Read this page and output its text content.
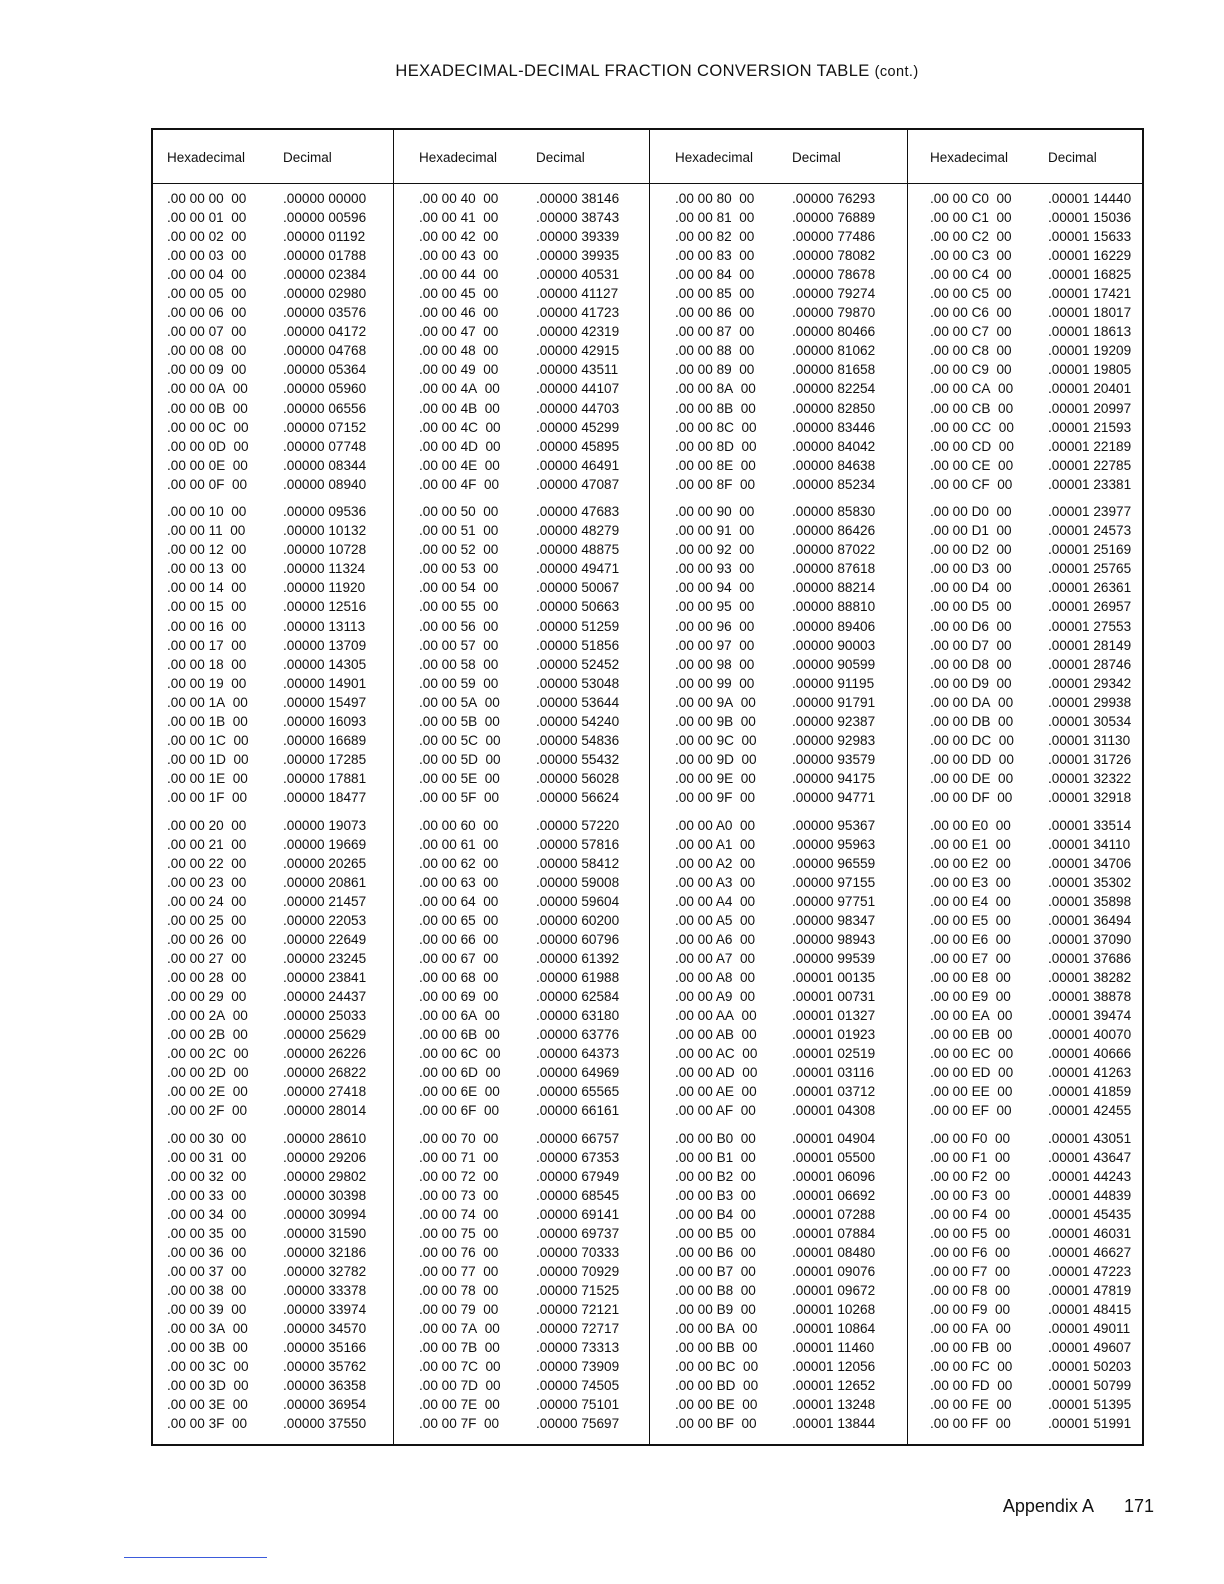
HEXADECIMAL-DECIMAL FRACTION CONVERSION TABLE (cont.)
Hexadecimal	Decimal
.00 00 00  00	.00000 00000
.00 00 01  00	.00000 00596
.00 00 02  00	.00000 01192
.00 00 03  00	.00000 01788
.00 00 04  00	.00000 02384
.00 00 05  00	.00000 02980
.00 00 06  00	.00000 03576
.00 00 07  00	.00000 04172
.00 00 08  00	.00000 04768
.00 00 09  00	.00000 05364
.00 00 0A  00	.00000 05960
.00 00 0B  00	.00000 06556
.00 00 0C  00	.00000 07152
.00 00 0D  00	.00000 07748
.00 00 0E  00	.00000 08344
.00 00 0F  00	.00000 08940
.00 00 10  00	.00000 09536
.00 00 11  00	.00000 10132
.00 00 12  00	.00000 10728
.00 00 13  00	.00000 11324
.00 00 14  00	.00000 11920
.00 00 15  00	.00000 12516
.00 00 16  00	.00000 13113
.00 00 17  00	.00000 13709
.00 00 18  00	.00000 14305
.00 00 19  00	.00000 14901
.00 00 1A  00	.00000 15497
.00 00 1B  00	.00000 16093
.00 00 1C  00	.00000 16689
.00 00 1D  00	.00000 17285
.00 00 1E  00	.00000 17881
.00 00 1F  00	.00000 18477
.00 00 20  00	.00000 19073
.00 00 21  00	.00000 19669
.00 00 22  00	.00000 20265
.00 00 23  00	.00000 20861
.00 00 24  00	.00000 21457
.00 00 25  00	.00000 22053
.00 00 26  00	.00000 22649
.00 00 27  00	.00000 23245
.00 00 28  00	.00000 23841
.00 00 29  00	.00000 24437
.00 00 2A  00	.00000 25033
.00 00 2B  00	.00000 25629
.00 00 2C  00	.00000 26226
.00 00 2D  00	.00000 26822
.00 00 2E  00	.00000 27418
.00 00 2F  00	.00000 28014
.00 00 30  00	.00000 28610
.00 00 31  00	.00000 29206
.00 00 32  00	.00000 29802
.00 00 33  00	.00000 30398
.00 00 34  00	.00000 30994
.00 00 35  00	.00000 31590
.00 00 36  00	.00000 32186
.00 00 37  00	.00000 32782
.00 00 38  00	.00000 33378
.00 00 39  00	.00000 33974
.00 00 3A  00	.00000 34570
.00 00 3B  00	.00000 35166
.00 00 3C  00	.00000 35762
.00 00 3D  00	.00000 36358
.00 00 3E  00	.00000 36954
.00 00 3F  00	.00000 37550
Hexadecimal	Decimal
.00 00 40  00	.00000 38146
.00 00 41  00	.00000 38743
.00 00 42  00	.00000 39339
.00 00 43  00	.00000 39935
.00 00 44  00	.00000 40531
.00 00 45  00	.00000 41127
.00 00 46  00	.00000 41723
.00 00 47  00	.00000 42319
.00 00 48  00	.00000 42915
.00 00 49  00	.00000 43511
.00 00 4A  00	.00000 44107
.00 00 4B  00	.00000 44703
.00 00 4C  00	.00000 45299
.00 00 4D  00	.00000 45895
.00 00 4E  00	.00000 46491
.00 00 4F  00	.00000 47087
.00 00 50  00	.00000 47683
.00 00 51  00	.00000 48279
.00 00 52  00	.00000 48875
.00 00 53  00	.00000 49471
.00 00 54  00	.00000 50067
.00 00 55  00	.00000 50663
.00 00 56  00	.00000 51259
.00 00 57  00	.00000 51856
.00 00 58  00	.00000 52452
.00 00 59  00	.00000 53048
.00 00 5A  00	.00000 53644
.00 00 5B  00	.00000 54240
.00 00 5C  00	.00000 54836
.00 00 5D  00	.00000 55432
.00 00 5E  00	.00000 56028
.00 00 5F  00	.00000 56624
.00 00 60  00	.00000 57220
.00 00 61  00	.00000 57816
.00 00 62  00	.00000 58412
.00 00 63  00	.00000 59008
.00 00 64  00	.00000 59604
.00 00 65  00	.00000 60200
.00 00 66  00	.00000 60796
.00 00 67  00	.00000 61392
.00 00 68  00	.00000 61988
.00 00 69  00	.00000 62584
.00 00 6A  00	.00000 63180
.00 00 6B  00	.00000 63776
.00 00 6C  00	.00000 64373
.00 00 6D  00	.00000 64969
.00 00 6E  00	.00000 65565
.00 00 6F  00	.00000 66161
.00 00 70  00	.00000 66757
.00 00 71  00	.00000 67353
.00 00 72  00	.00000 67949
.00 00 73  00	.00000 68545
.00 00 74  00	.00000 69141
.00 00 75  00	.00000 69737
.00 00 76  00	.00000 70333
.00 00 77  00	.00000 70929
.00 00 78  00	.00000 71525
.00 00 79  00	.00000 72121
.00 00 7A  00	.00000 72717
.00 00 7B  00	.00000 73313
.00 00 7C  00	.00000 73909
.00 00 7D  00	.00000 74505
.00 00 7E  00	.00000 75101
.00 00 7F  00	.00000 75697
Hexadecimal	Decimal
.00 00 80  00	.00000 76293
.00 00 81  00	.00000 76889
.00 00 82  00	.00000 77486
.00 00 83  00	.00000 78082
.00 00 84  00	.00000 78678
.00 00 85  00	.00000 79274
.00 00 86  00	.00000 79870
.00 00 87  00	.00000 80466
.00 00 88  00	.00000 81062
.00 00 89  00	.00000 81658
.00 00 8A  00	.00000 82254
.00 00 8B  00	.00000 82850
.00 00 8C  00	.00000 83446
.00 00 8D  00	.00000 84042
.00 00 8E  00	.00000 84638
.00 00 8F  00	.00000 85234
.00 00 90  00	.00000 85830
.00 00 91  00	.00000 86426
.00 00 92  00	.00000 87022
.00 00 93  00	.00000 87618
.00 00 94  00	.00000 88214
.00 00 95  00	.00000 88810
.00 00 96  00	.00000 89406
.00 00 97  00	.00000 90003
.00 00 98  00	.00000 90599
.00 00 99  00	.00000 91195
.00 00 9A  00	.00000 91791
.00 00 9B  00	.00000 92387
.00 00 9C  00	.00000 92983
.00 00 9D  00	.00000 93579
.00 00 9E  00	.00000 94175
.00 00 9F  00	.00000 94771
.00 00 A0  00	.00000 95367
.00 00 A1  00	.00000 95963
.00 00 A2  00	.00000 96559
.00 00 A3  00	.00000 97155
.00 00 A4  00	.00000 97751
.00 00 A5  00	.00000 98347
.00 00 A6  00	.00000 98943
.00 00 A7  00	.00000 99539
.00 00 A8  00	.00001 00135
.00 00 A9  00	.00001 00731
.00 00 AA  00	.00001 01327
.00 00 AB  00	.00001 01923
.00 00 AC  00	.00001 02519
.00 00 AD  00	.00001 03116
.00 00 AE  00	.00001 03712
.00 00 AF  00	.00001 04308
.00 00 B0  00	.00001 04904
.00 00 B1  00	.00001 05500
.00 00 B2  00	.00001 06096
.00 00 B3  00	.00001 06692
.00 00 B4  00	.00001 07288
.00 00 B5  00	.00001 07884
.00 00 B6  00	.00001 08480
.00 00 B7  00	.00001 09076
.00 00 B8  00	.00001 09672
.00 00 B9  00	.00001 10268
.00 00 BA  00	.00001 10864
.00 00 BB  00	.00001 11460
.00 00 BC  00 .00001 12056
.00 00 BD  00 .00001 12652
.00 00 BE  00	.00001 13248
.00 00 BF  00	.00001 13844
Hexadecimal	Decimal
.00 00 C0  00	.00001 14440
.00 00 C1  00	.00001 15036
.00 00 C2  00	.00001 15633
.00 00 C3  00	.00001 16229
.00 00 C4  00	.00001 16825
.00 00 C5  00	.00001 17421
.00 00 C6  00	.00001 18017
.00 00 C7  00	.00001 18613
.00 00 C8  00	.00001 19209
.00 00 C9  00	.00001 19805
.00 00 CA  00	.00001 20401
.00 00 CB  00	.00001 20997
.00 00 CC  00	.00001 21593
.00 00 CD  00	.00001 22189
.00 00 CE  00	.00001 22785
.00 00 CF  00	.00001 23381
.00 00 D0  00	.00001 23977
.00 00 D1  00	.00001 24573
.00 00 D2  00	.00001 25169
.00 00 D3  00	.00001 25765
.00 00 D4  00	.00001 26361
.00 00 D5  00	.00001 26957
.00 00 D6  00	.00001 27553
.00 00 D7  00	.00001 28149
.00 00 D8  00	.00001 28746
.00 00 D9  00	.00001 29342
.00 00 DA  00	.00001 29938
.00 00 DB  00	.00001 30534
.00 00 DC  00	.00001 31130
.00 00 DD  00	.00001 31726
.00 00 DE  00	.00001 32322
.00 00 DF  00	.00001 32918
.00 00 E0  00	.00001 33514
.00 00 E1  00	.00001 34110
.00 00 E2  00	.00001 34706
.00 00 E3  00	.00001 35302
.00 00 E4  00	.00001 35898
.00 00 E5  00	.00001 36494
.00 00 E6  00	.00001 37090
.00 00 E7  00	.00001 37686
.00 00 E8  00	.00001 38282
.00 00 E9  00	.00001 38878
.00 00 EA  00	.00001 39474
.00 00 EB  00	.00001 40070
.00 00 EC  00	.00001 40666
.00 00 ED  00	.00001 41263
.00 00 EE  00	.00001 41859
.00 00 EF  00	.00001 42455
.00 00 F0  00	.00001 43051
.00 00 F1  00	.00001 43647
.00 00 F2  00	.00001 44243
.00 00 F3  00	.00001 44839
.00 00 F4  00	.00001 45435
.00 00 F5  00	.00001 46031
.00 00 F6  00	.00001 46627
.00 00 F7  00	.00001 47223
.00 00 F8  00	.00001 47819
.00 00 F9  00	.00001 48415
.00 00 FA  00	.00001 49011
.00 00 FB  00	.00001 49607
.00 00 FC  00	.00001 50203
.00 00 FD  00	.00001 50799
.00 00 FE  00	.00001 51395
.00 00 FF  00	.00001 51991
Appendix A 171
